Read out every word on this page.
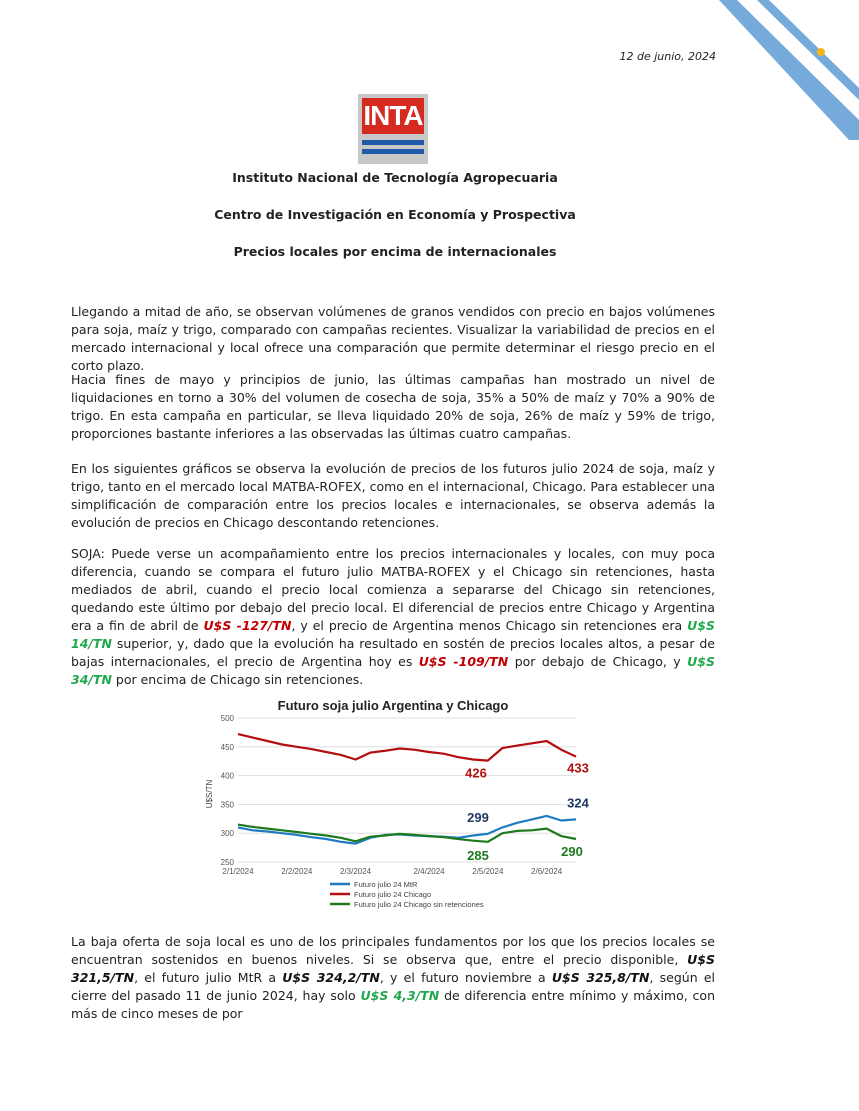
12 de junio, 2024
INTA
Instituto Nacional de Tecnología Agropecuaria
Centro de Investigación en Economía y Prospectiva
Precios locales por encima de internacionales
Llegando a mitad de año, se observan volúmenes de granos vendidos con precio en bajos volúmenes para soja, maíz y trigo, comparado con campañas recientes. Visualizar la variabilidad de precios en el mercado internacional y local ofrece una comparación que permite determinar el riesgo precio en el corto plazo.
Hacia fines de mayo y principios de junio, las últimas campañas han mostrado un nivel de liquidaciones en torno a 30% del volumen de cosecha de soja, 35% a 50% de maíz y 70% a 90% de trigo. En esta campaña en particular, se lleva liquidado 20% de soja, 26% de maíz y 59% de trigo, proporciones bastante inferiores a las observadas las últimas cuatro campañas.
En los siguientes gráficos se observa la evolución de precios de los futuros julio 2024 de soja, maíz y trigo, tanto en el mercado local MATBA-ROFEX, como en el internacional, Chicago. Para establecer una simplificación de comparación entre los precios locales e internacionales, se observa además la evolución de precios en Chicago descontando retenciones.
SOJA: Puede verse un acompañamiento entre los precios internacionales y locales, con muy poca diferencia, cuando se compara el futuro julio MATBA-ROFEX y el Chicago sin retenciones, hasta mediados de abril, cuando el precio local comienza a separarse del Chicago sin retenciones, quedando este último por debajo del precio local. El diferencial de precios entre Chicago y Argentina era a fin de abril de U$S -127/TN, y el precio de Argentina menos Chicago sin retenciones era U$S 14/TN superior, y, dado que la evolución ha resultado en sostén de precios locales altos, a pesar de bajas internacionales, el precio de Argentina hoy es U$S -109/TN por debajo de Chicago, y U$S 34/TN por encima de Chicago sin retenciones.
Futuro soja julio Argentina y Chicago
U$S/TN
250
300
350
400
450
500
2/1/2024	2/2/2024	2/3/2024	2/4/2024	2/5/2024	2/6/2024
Futuro julio 24 MtR
Futuro julio 24 Chicago
Futuro julio 24 Chicago sin retenciones
426	433
299
324
285	290
La baja oferta de soja local es uno de los principales fundamentos por los que los precios locales se encuentran sostenidos en buenos niveles. Si se observa que, entre el precio disponible, U$S 321,5/TN, el futuro julio MtR a U$S 324,2/TN, y el futuro noviembre a U$S 325,8/TN, según el cierre del pasado 11 de junio 2024, hay solo U$S 4,3/TN de diferencia entre mínimo y máximo, con más de cinco meses de por
